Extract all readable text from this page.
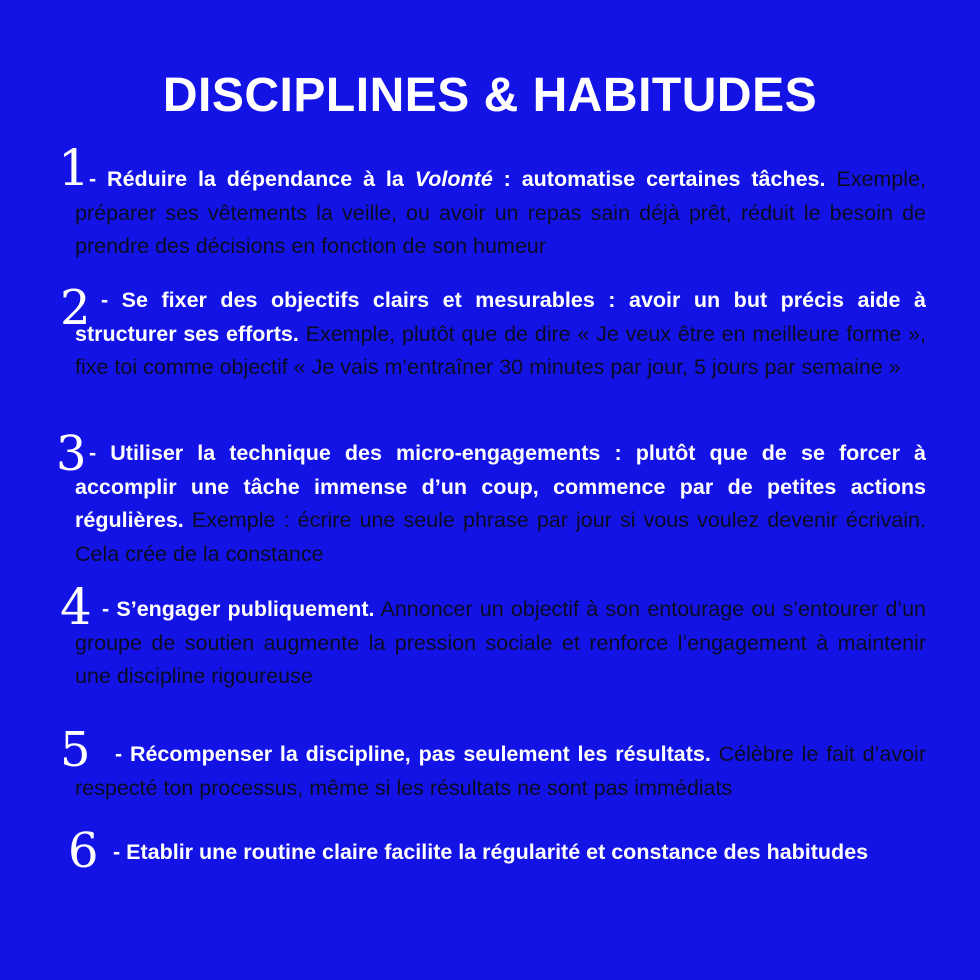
DISCIPLINES & HABITUDES
1 - Réduire la dépendance à la Volonté : automatise certaines tâches. Exemple, préparer ses vêtements la veille, ou avoir un repas sain déjà prêt, réduit le besoin de prendre des décisions en fonction de son humeur
2 - Se fixer des objectifs clairs et mesurables : avoir un but précis aide à structurer ses efforts. Exemple, plutôt que de dire « Je veux être en meilleure forme », fixe toi comme objectif « Je vais m’entraîner 30 minutes par jour, 5 jours par semaine »
3 - Utiliser la technique des micro-engagements : plutôt que de se forcer à accomplir une tâche immense d’un coup, commence par de petites actions régulières. Exemple : écrire une seule phrase par jour si vous voulez devenir écrivain. Cela crée de la constance
4 - S’engager publiquement. Annoncer un objectif à son entourage ou s’entourer d’un groupe de soutien augmente la pression sociale et renforce l’engagement à maintenir une discipline rigoureuse
5	- Récompenser la discipline, pas seulement les résultats. Célèbre le fait d’avoir respecté ton processus, même si les résultats ne sont pas immédiats
6 - Etablir une routine claire facilite la régularité et constance des habitudes
